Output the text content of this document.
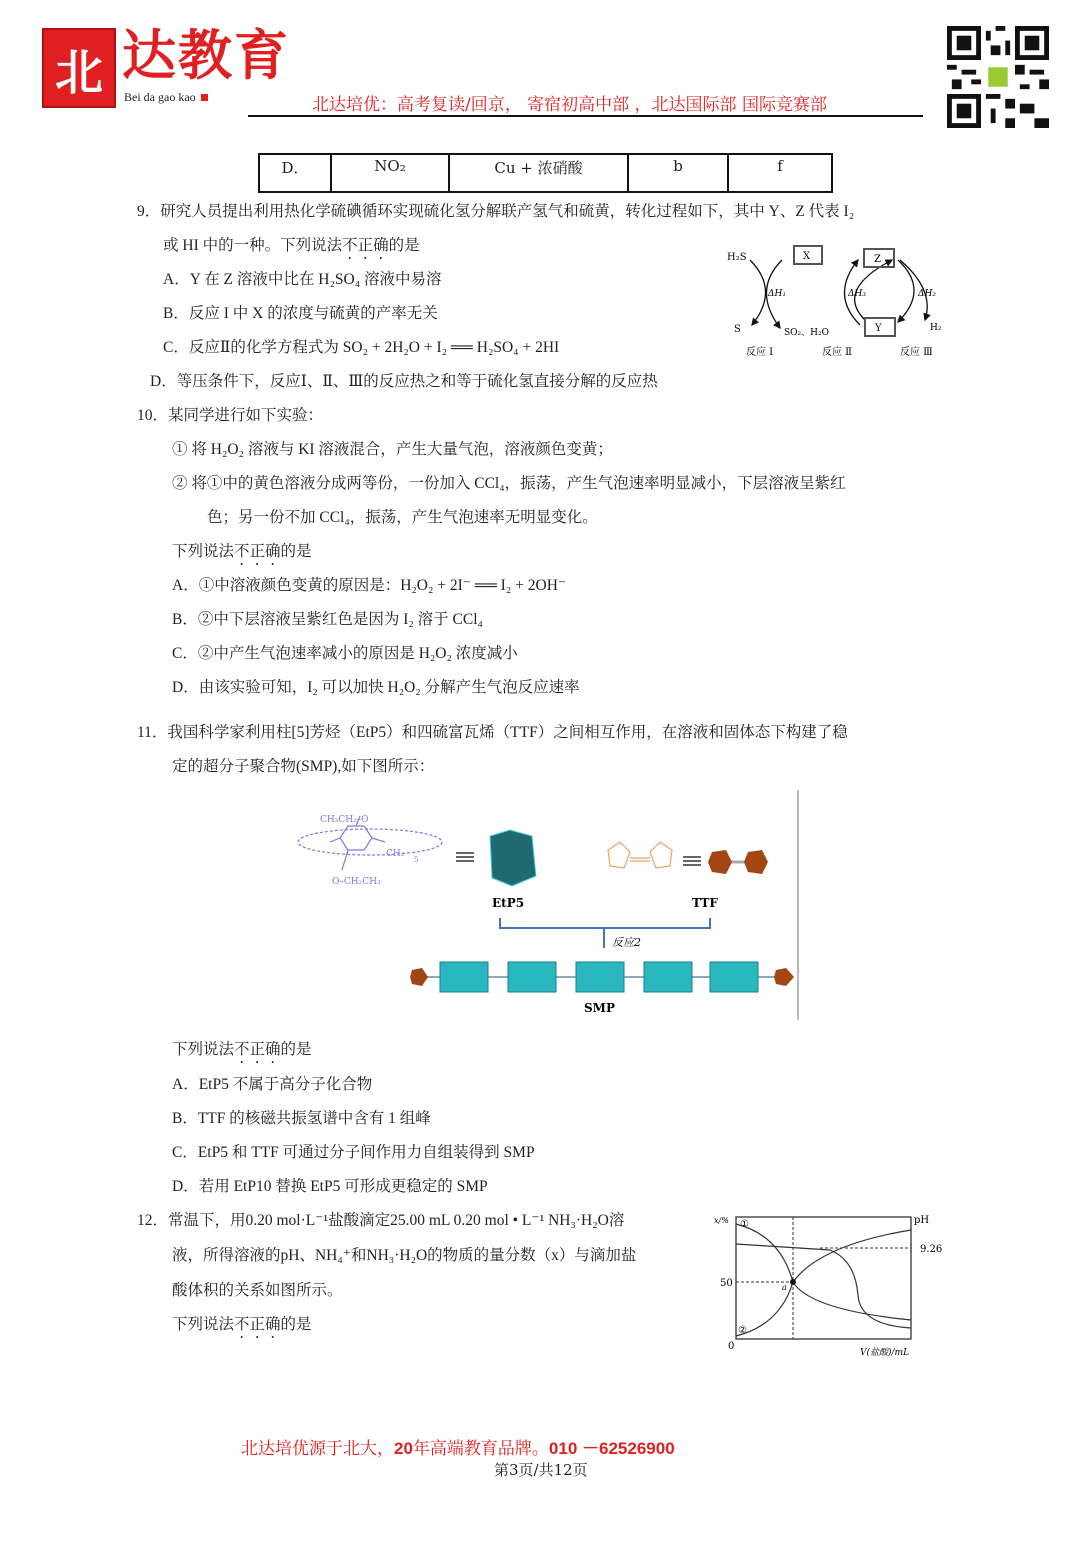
北 达教育
Bei da gao kao	北达培优：高考复读/回京， 寄宿初高中部 ，北达国际部 国际竞赛部
D．	NO₂	Cu + 浓硝酸	b	f
9．研究人员提出利用热化学硫碘循环实现硫化氢分解联产氢气和硫黄，转化过程如下，其中 Y、Z 代表 I₂
或 HI 中的一种。下列说法不正确的是
A．Y 在 Z 溶液中比在 H₂SO₄ 溶液中易溶
B．反应 I 中 X 的浓度与硫黄的产率无关
C．反应Ⅱ的化学方程式为 SO₂ + 2H₂O + I₂ ══ H₂SO₄ + 2HI
D．等压条件下，反应Ⅰ、Ⅱ、Ⅲ的反应热之和等于硫化氢直接分解的反应热
H₂S
S	SO₂、H₂O
X	Z
Y	H₂
ΔH₁	ΔH₃	ΔH₂
反应 Ⅰ	反应 Ⅱ	反应 Ⅲ
10．某同学进行如下实验：
① 将 H₂O₂ 溶液与 KI 溶液混合，产生大量气泡，溶液颜色变黄；
② 将①中的黄色溶液分成两等份，一份加入 CCl₄，振荡，产生气泡速率明显减小，下层溶液呈紫红
色；另一份不加 CCl₄，振荡，产生气泡速率无明显变化。
下列说法不正确的是
A．①中溶液颜色变黄的原因是：H₂O₂ + 2I⁻ ══ I₂ + 2OH⁻
B．②中下层溶液呈紫红色是因为 I₂ 溶于 CCl₄
C．②中产生气泡速率减小的原因是 H₂O₂ 浓度减小
D．由该实验可知，I₂ 可以加快 H₂O₂ 分解产生气泡反应速率
11．我国科学家利用柱[5]芳烃（EtP5）和四硫富瓦烯（TTF）之间相互作用，在溶液和固体态下构建了稳
定的超分子聚合物(SMP),如下图所示：
CH₃CH₂–O
CH₂
5
O–CH₂CH₃
EtP5	TTF
反应2
SMP
下列说法不正确的是
A．EtP5 不属于高分子化合物
B．TTF 的核磁共振氢谱中含有 1 组峰
C．EtP5 和 TTF 可通过分子间作用力自组装得到 SMP
D．若用 EtP10 替换 EtP5 可形成更稳定的 SMP
12．常温下，用0.20 mol·L⁻¹盐酸滴定25.00 mL 0.20 mol • L⁻¹ NH₃·H₂O溶
液，所得溶液的pH、NH₄⁺和NH₃·H₂O的物质的量分数（x）与滴加盐
酸体积的关系如图所示。
下列说法不正确的是
x/%	pH
50
9.26
0
a
①
②
V(盐酸)/mL
北达培优源于北大，20年高端教育品牌。010 －62526900
第3页/共12页
